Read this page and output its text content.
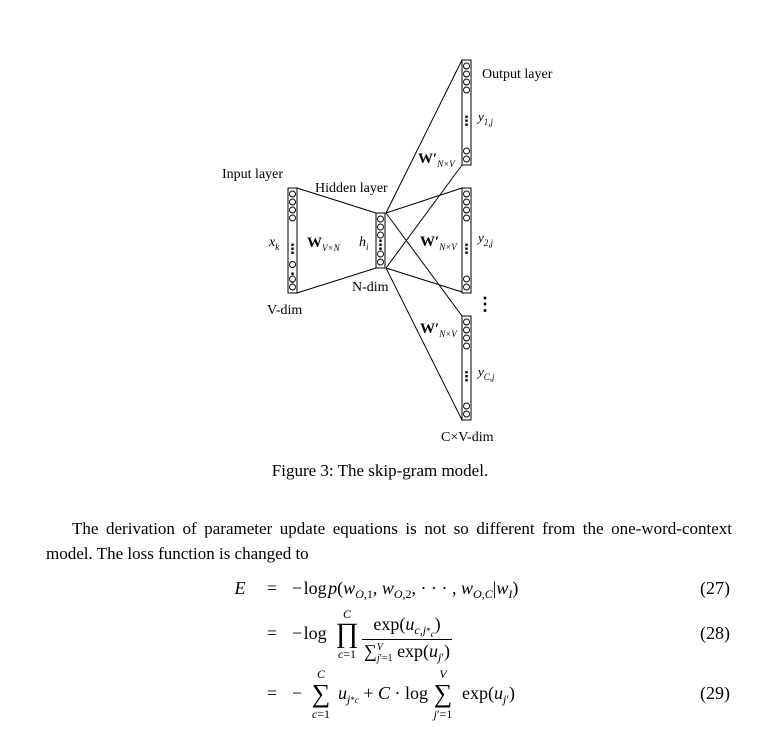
Input layer
Hidden layer
Output layer
$x_k$ $W_{V\times N}$ $h_i$
$W'_{N\times V}$
$W'_{N\times V}$
$W'_{N\times V}$
$y_{1,j}$
$y_{2,j}$
$y_{C,j}$
⋮
V-dim
N-dim
C×V-dim
Figure 3: The skip-gram model.
The derivation of parameter update equations is not so different from the one-word-context model. The loss function is changed to
E	= − log $p(w_{O,1}$, $w_{O,2}$, · · · , $w_{O,C}|w_I$)	(27)
= − log
C
∏
$c=1 \frac{\exp(u_{c,j*_c})}{\sum^V_{j'=1} \exp(u_{j'})}$	(28)
= −
C
∑
c=1
$u_{j*c} + C \cdot \log$
V
∑
j′=1
$\exp(u_{j'})$	(29)
